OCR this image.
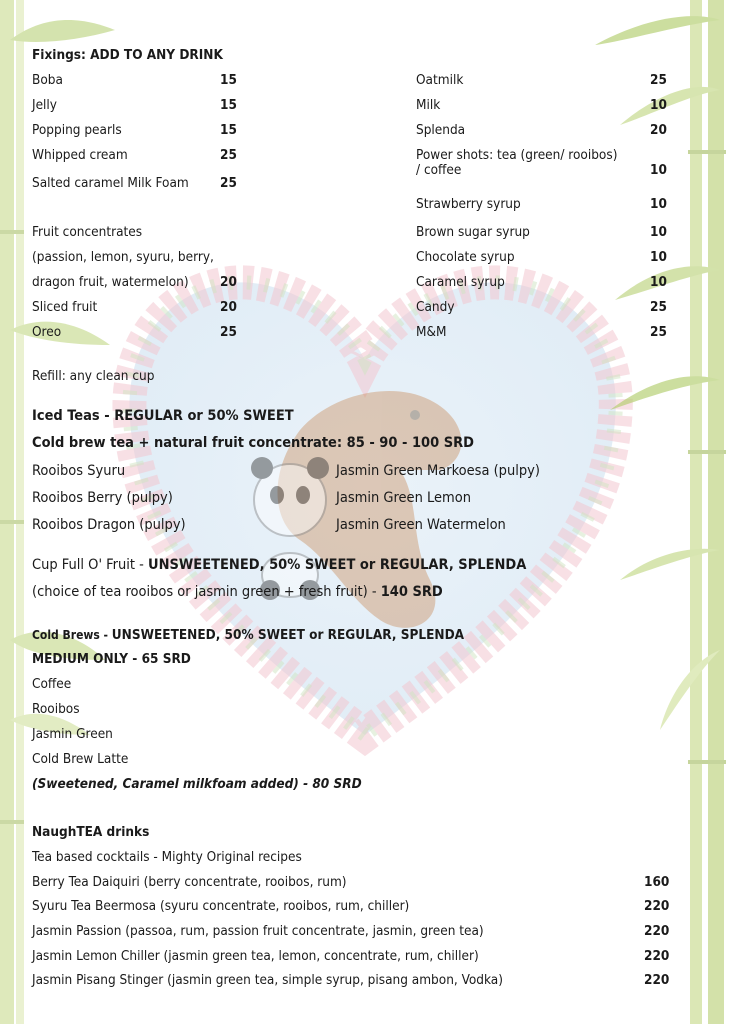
Fixings: ADD TO ANY DRINK
Boba	15
Jelly	15
Popping pearls	15
Whipped cream	25
Salted caramel Milk Foam 25
Fruit concentrates
(passion, lemon, syuru, berry,
dragon fruit, watermelon) 20
Sliced fruit	20
Oreo	25
Oatmilk	25
Milk	10
Splenda	20
Power shots: tea (green/ rooibos)
/ coffee	10
Strawberry syrup	10
Brown sugar syrup	10
Chocolate syrup	10
Caramel syrup	10
Candy	25
M&M	25
Refill: any clean cup
Iced Teas - REGULAR or 50% SWEET
Cold brew tea + natural fruit concentrate: 85 - 90 - 100 SRD
Rooibos Syuru
Rooibos Berry (pulpy)
Rooibos Dragon (pulpy)
Jasmin Green Markoesa (pulpy)
Jasmin Green Lemon
Jasmin Green Watermelon
Cup Full O' Fruit - UNSWEETENED, 50% SWEET or REGULAR, SPLENDA
(choice of tea rooibos or jasmin green + fresh fruit) - 140 SRD
Cold Brews - UNSWEETENED, 50% SWEET or REGULAR, SPLENDA
MEDIUM ONLY - 65 SRD
Coffee
Rooibos
Jasmin Green
Cold Brew Latte
(Sweetened, Caramel milkfoam added) - 80 SRD
NaughTEA drinks
Tea based cocktails - Mighty Original recipes
Berry Tea Daiquiri (berry concentrate, rooibos, rum)	160
Syuru Tea Beermosa (syuru concentrate, rooibos, rum, chiller)	220
Jasmin Passion (passoa, rum, passion fruit concentrate, jasmin, green tea)	220
Jasmin Lemon Chiller (jasmin green tea, lemon, concentrate, rum, chiller)	220
Jasmin Pisang Stinger (jasmin green tea, simple syrup, pisang ambon, Vodka)	220
